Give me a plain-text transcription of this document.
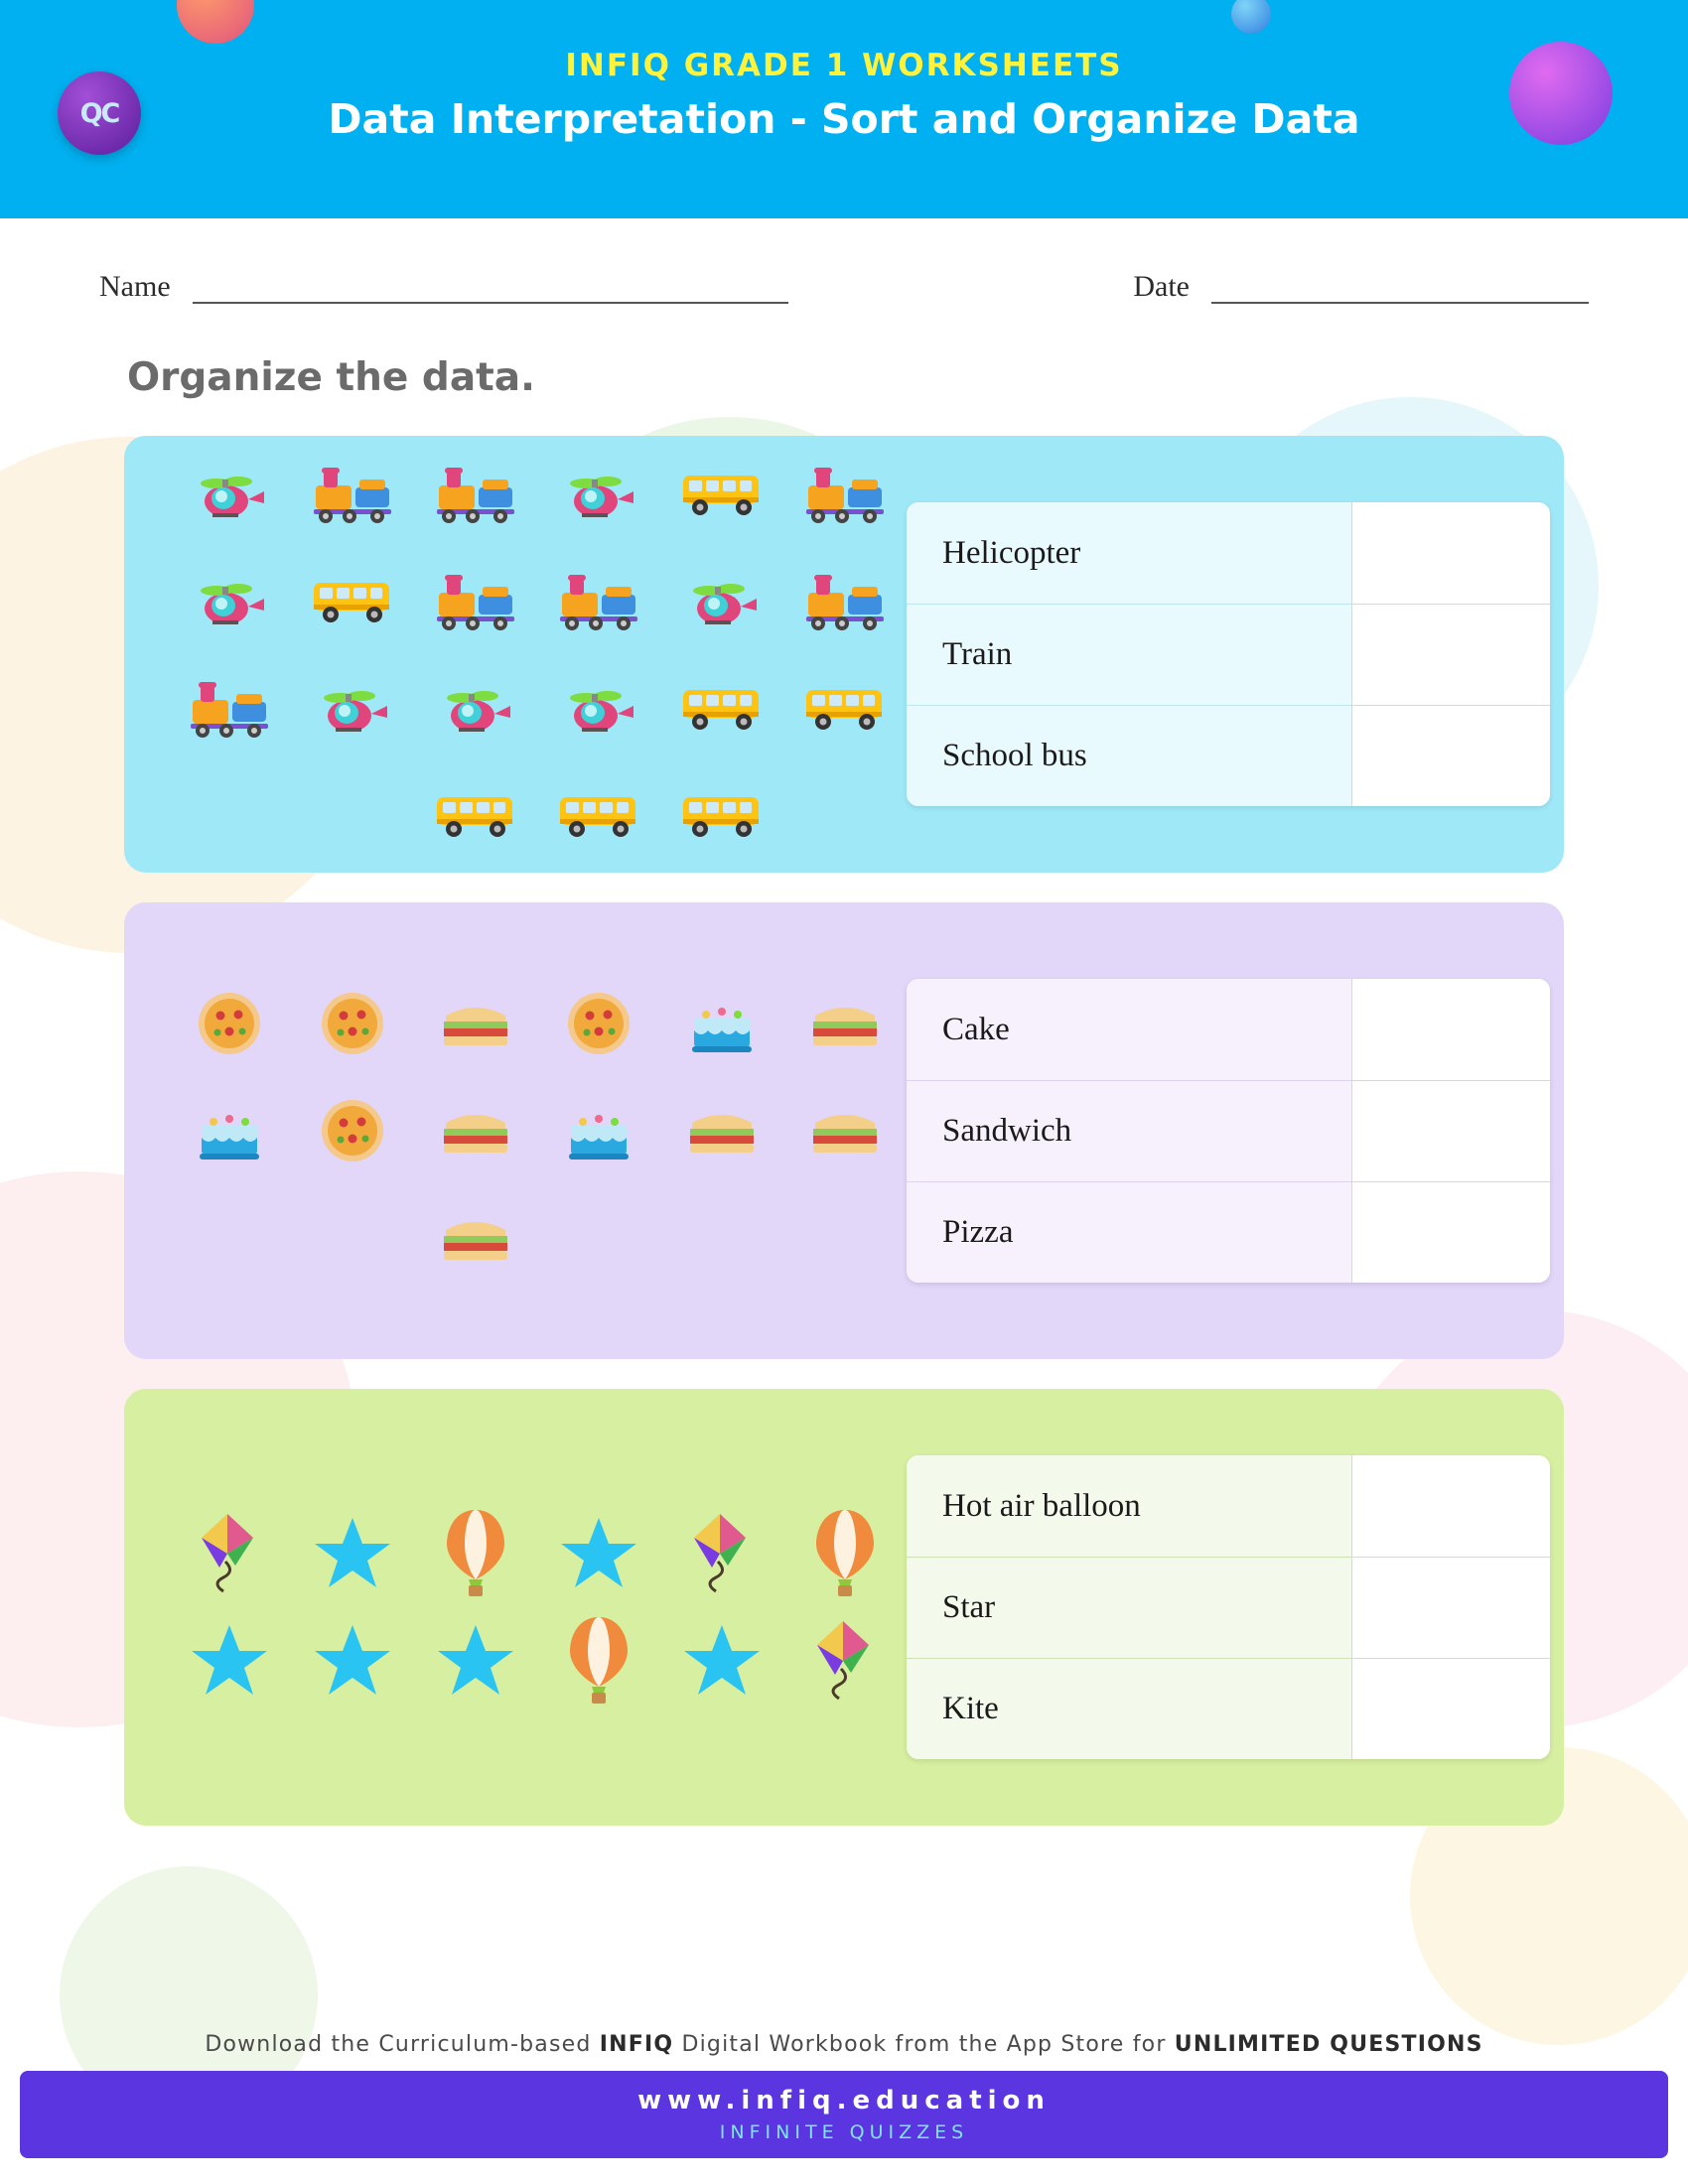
QC
INFIQ GRADE 1 WORKSHEETS
Data Interpretation - Sort and Organize Data
Name	Date
Organize the data.
Helicopter
Train
School bus
Cake
Sandwich
Pizza
Hot air balloon
Star
Kite
Download the Curriculum-based INFIQ Digital Workbook from the App Store for UNLIMITED QUESTIONS
www.infiq.education
INFINITE QUIZZES
